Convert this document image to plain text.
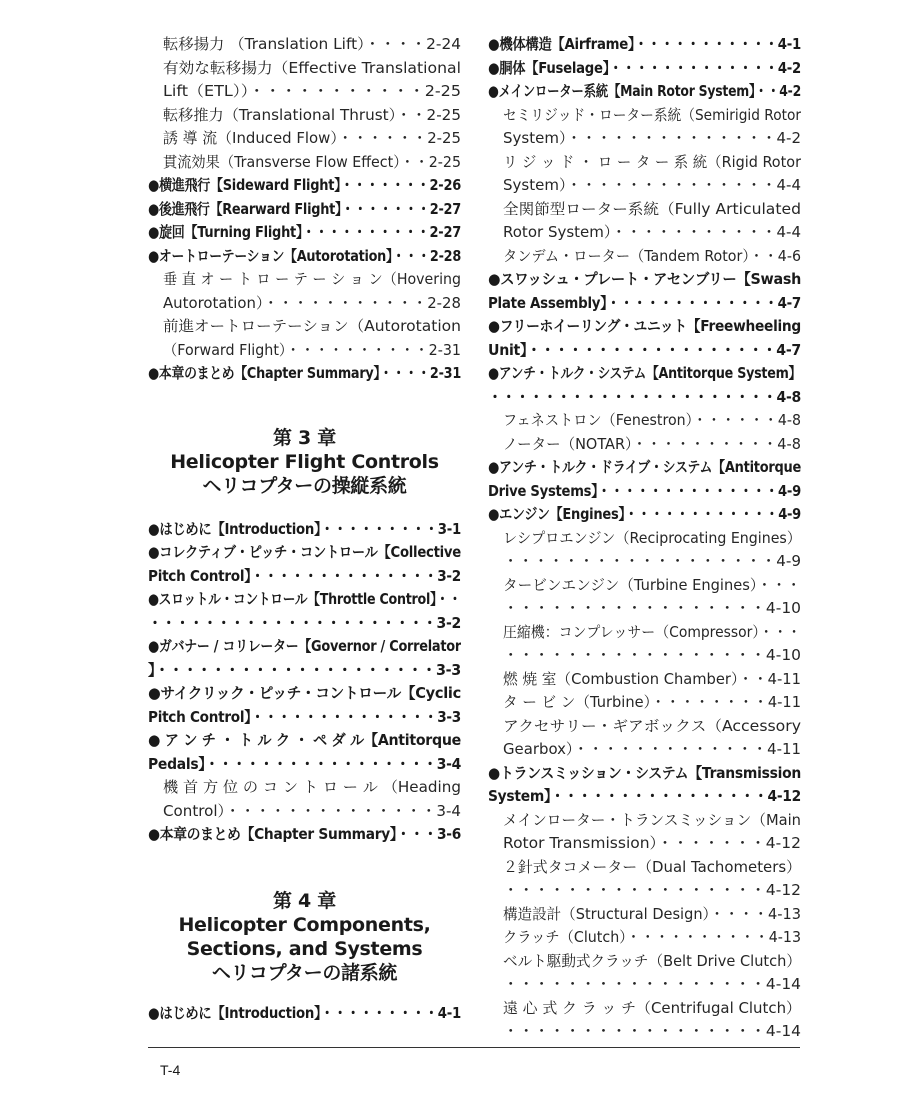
転移揚力 （Translation Lift）・・・・2-24
有効な転移揚力（Effective Translational
Lift（ETL））・・・・・・・・・・・2-25
転移推力（Translational Thrust）・・2-25
誘 導 流（Induced Flow）・・・・・・2-25
貫流効果（Transverse Flow Effect）・・2-25
●横進飛行【Sideward Flight】・・・・・・・2-26
●後進飛行【Rearward Flight】・・・・・・・2-27
●旋回【Turning Flight】・・・・・・・・・・2-27
●オートローテーション【Autorotation】・・・2-28
垂 直 オ ー ト ロ ー テ ー シ ョ ン（Hovering
Autorotation）・・・・・・・・・・・2-28
前進オートローテーション（Autorotation
（Forward Flight）・・・・・・・・・・2-31
●本章のまとめ【Chapter Summary】・・・・2-31
第 3 章
Helicopter Flight Controls
ヘリコプターの操縦系統
●はじめに【Introduction】・・・・・・・・・3-1
●コレクティブ・ピッチ・コントロール【Collective
Pitch Control】・・・・・・・・・・・・・・3-2
●スロットル・コントロール【Throttle Control】・・
・・・・・・・・・・・・・・・・・・・・・3-2
●ガバナー / コリレーター【Governor / Correlator
】・・・・・・・・・・・・・・・・・・・・3-3
●サイクリック・ピッチ・コントロール【Cyclic
Pitch Control】・・・・・・・・・・・・・・3-3
● ア ン チ ・ ト ル ク ・ ペ ダ ル【Antitorque
Pedals】・・・・・・・・・・・・・・・・・3-4
機 首 方 位 の コ ン ト ロ ー ル （Heading
Control）・・・・・・・・・・・・・・3-4
●本章のまとめ【Chapter Summary】・・・3-6
第 4 章
Helicopter Components,
Sections, and Systems
ヘリコプターの諸系統
●はじめに【Introduction】・・・・・・・・・4-1
●機体構造【Airframe】・・・・・・・・・・・4-1
●胴体【Fuselage】・・・・・・・・・・・・・4-2
●メインローター系統【Main Rotor System】・・4-2
セミリジッド・ローター系統（Semirigid Rotor
System）・・・・・・・・・・・・・・4-2
リ ジ ッ ド ・ ロ ー タ ー 系 統（Rigid Rotor
System）・・・・・・・・・・・・・・4-4
全関節型ローター系統（Fully Articulated
Rotor System）・・・・・・・・・・・4-4
タンデム・ローター（Tandem Rotor）・・4-6
●スワッシュ・プレート・アセンブリー【Swash
Plate Assembly】・・・・・・・・・・・・・4-7
●フリーホイーリング・ユニット【Freewheeling
Unit】・・・・・・・・・・・・・・・・・・4-7
●アンチ・トルク・システム【Antitorque System】
・・・・・・・・・・・・・・・・・・・・・4-8
フェネストロン（Fenestron）・・・・・・4-8
ノーター（NOTAR）・・・・・・・・・・4-8
●アンチ・トルク・ドライブ・システム【Antitorque
Drive Systems】・・・・・・・・・・・・・・4-9
●エンジン【Engines】・・・・・・・・・・・・4-9
レシプロエンジン（Reciprocating Engines）
・・・・・・・・・・・・・・・・・・4-9
タービンエンジン（Turbine Engines）・・・
・・・・・・・・・・・・・・・・・4-10
圧縮機：コンプレッサー（Compressor）・・・
・・・・・・・・・・・・・・・・・4-10
燃 焼 室（Combustion Chamber）・・4-11
タ ー ビ ン（Turbine）・・・・・・・・4-11
アクセサリー・ギアボックス（Accessory
Gearbox）・・・・・・・・・・・・・4-11
●トランスミッション・システム【Transmission
System】・・・・・・・・・・・・・・・・4-12
メインローター・トランスミッション（Main
Rotor Transmission）・・・・・・・4-12
２針式タコメーター（Dual Tachometers）
・・・・・・・・・・・・・・・・・4-12
構造設計（Structural Design）・・・・4-13
クラッチ（Clutch）・・・・・・・・・・4-13
ベルト駆動式クラッチ（Belt Drive Clutch）
・・・・・・・・・・・・・・・・・4-14
遠 心 式 ク ラ ッ チ（Centrifugal Clutch）
・・・・・・・・・・・・・・・・・4-14
T-4
